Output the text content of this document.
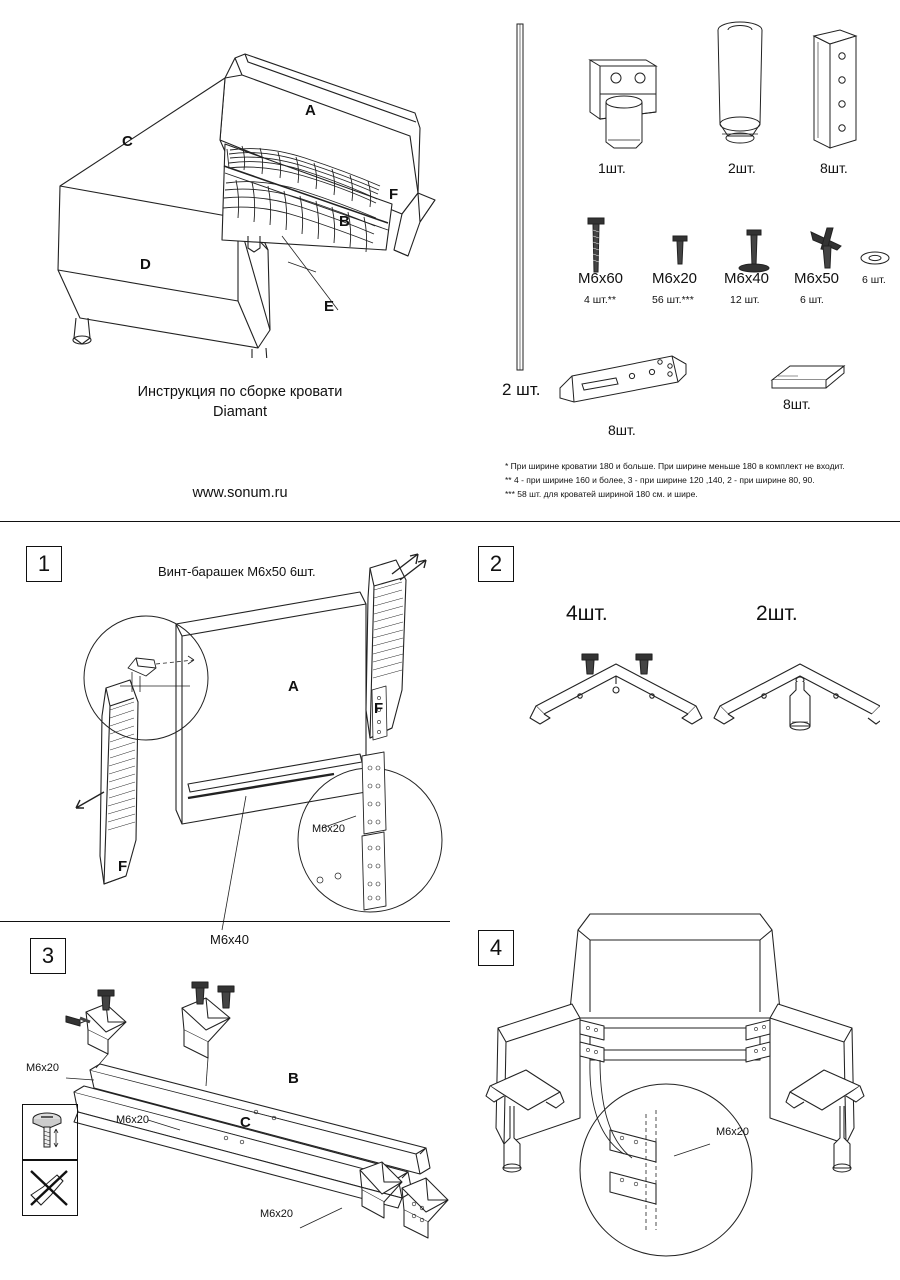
A
C
B
D
E
F
Инструкция по сборке кровати
Diamant
www.sonum.ru
2 шт.
1шт.	2шт.	8шт.
M6x60
4 шт.**
M6x20
56 шт.***
M6x40
12 шт.
M6x50
6 шт.
6 шт.
8шт.
8шт.
* При ширине кроватии 180 и больше. При ширине меньше 180 в комплект не входит.
** 4 - при ширине 160 и более, 3 - при ширине 120 ,140, 2 - при ширине 80, 90.
*** 58 шт. для кроватей шириной 180 см. и шире.
1	Винт-барашек М6x50 6шт.
A
F
F
M6x20
M6x40
2
4шт.	2шт.
3
M6x20
M6x20
M6x20
B
C
4
M6x20
